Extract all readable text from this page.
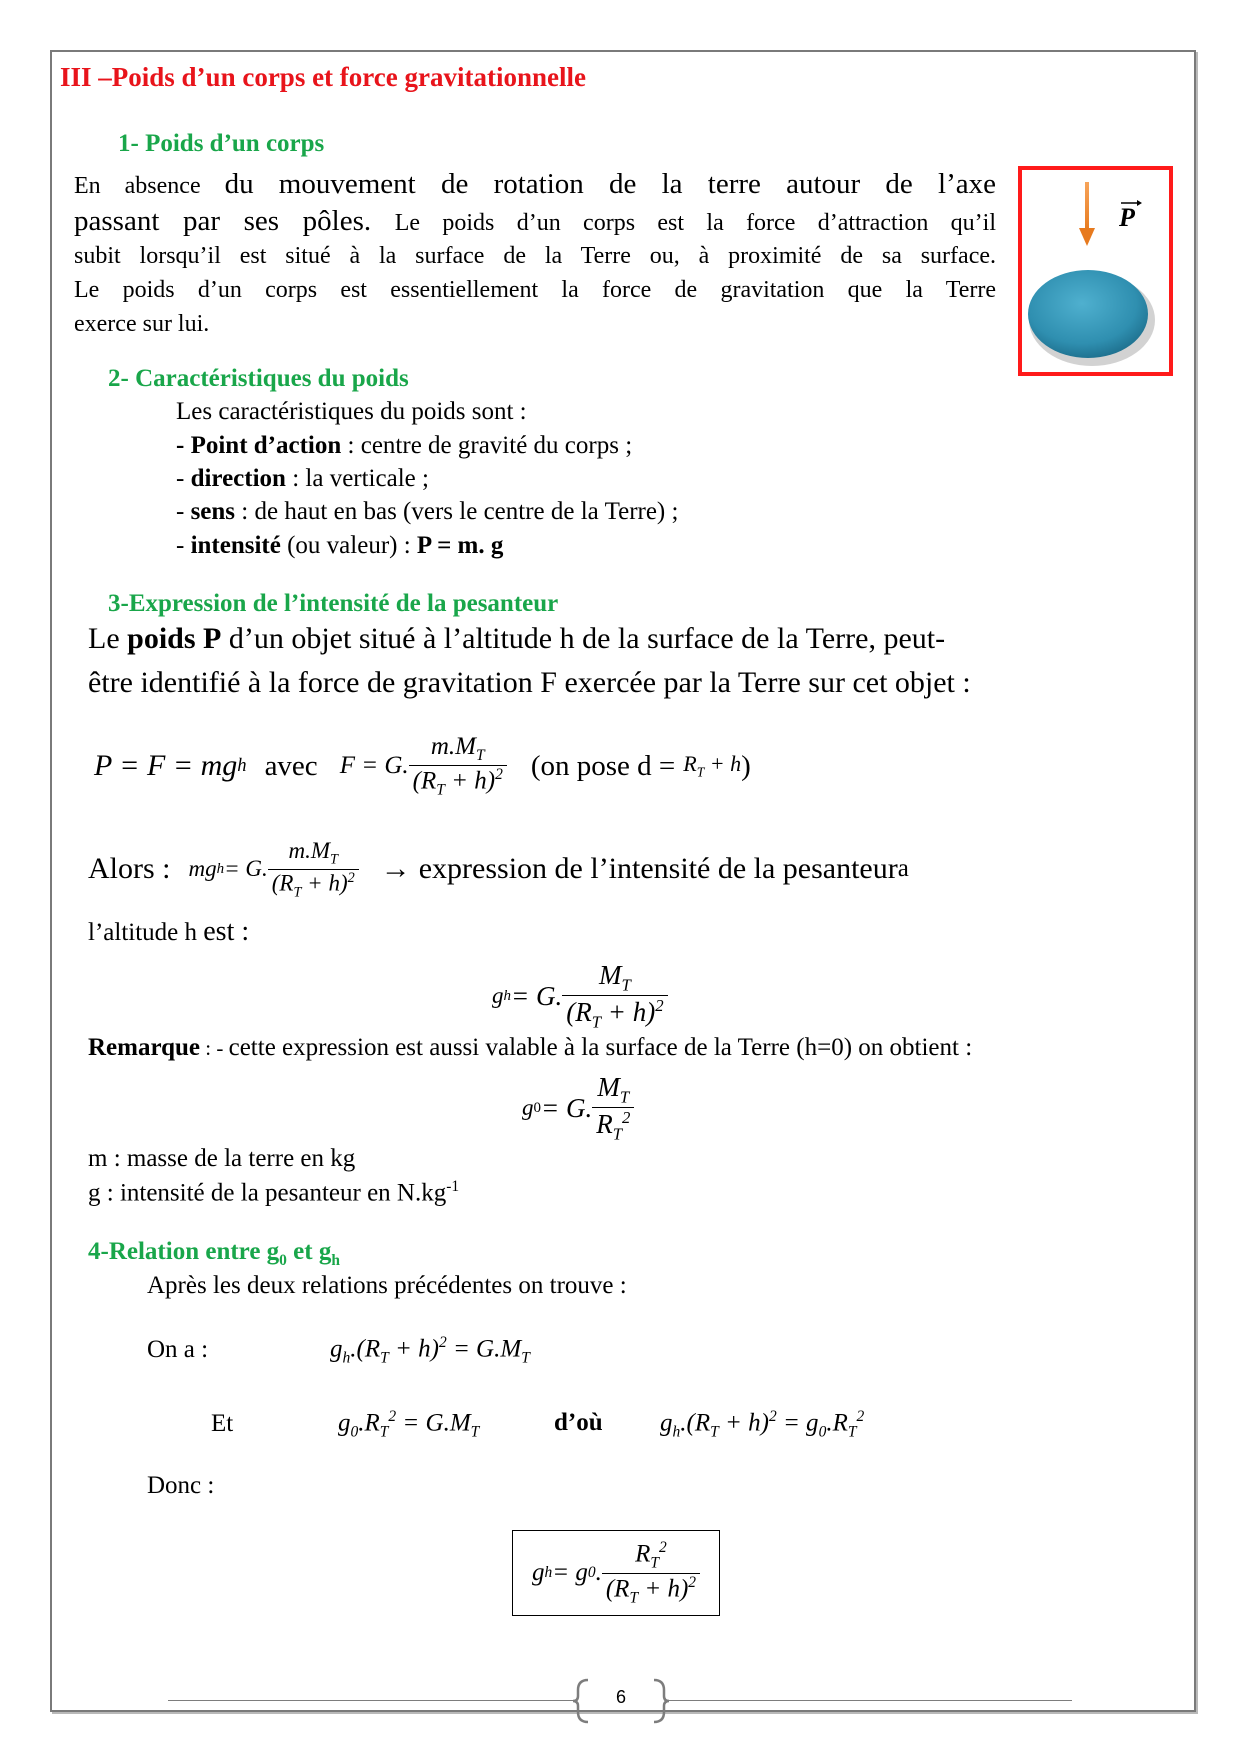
III –Poids d’un corps et force gravitationnelle
1- Poids d’un corps
En absence du mouvement de rotation de la terre autour de l’axe
passant par ses pôles. Le poids d’un corps est la force d’attraction qu’il
subit lorsqu’il est situé à la surface de la Terre ou, à proximité de sa surface.
Le poids d’un corps est essentiellement la force de gravitation que la Terre
exerce sur lui.
P
2- Caractéristiques du poids
Les caractéristiques du poids sont :
- Point d’action : centre de gravité du corps ;
- direction : la verticale ;
- sens : de haut en bas (vers le centre de la Terre) ;
- intensité (ou valeur) : P = m. g
3-Expression de l’intensité de la pesanteur
Le poids P d’un objet situé à l’altitude h de la surface de la Terre, peut-
être identifié à la force de gravitation F exercée par la Terre sur cet objet :
P = F = mg h avec F = G. $\frac{m.M_T}{(R_T + h)^2} (on$ pose $d = R_T + h$ )
Alors : mg h = G. $\frac{m.M_T}{(R_T + h)^2}$ → expression de l’intensité de la pesanteur a
l’altitude h est :
g h = G. $\frac{M_T}{(R_T + h)^2}$
Remarque : - cette expression est aussi valable à la surface de la Terre (h=0) on obtient :
g 0 = G. $\frac{M_T}{R_T^2}$
m : masse de la terre en kg
g : intensité de la pesanteur en $N.kg^{-1}$
4-Relation entre $g_0$ et $g_h$
Après les deux relations précédentes on trouve :
On a :	$g_h.(R_T + h)^2 = G.M_T$
Et	$g_0.R_T^2 = G.M_T$	d’où $g_h.(R_T + h)^2 = g_0.R_T^2$
Donc :
g h = g 0 . $\frac{R_T^2}{(R_T + h)^2}$
6
